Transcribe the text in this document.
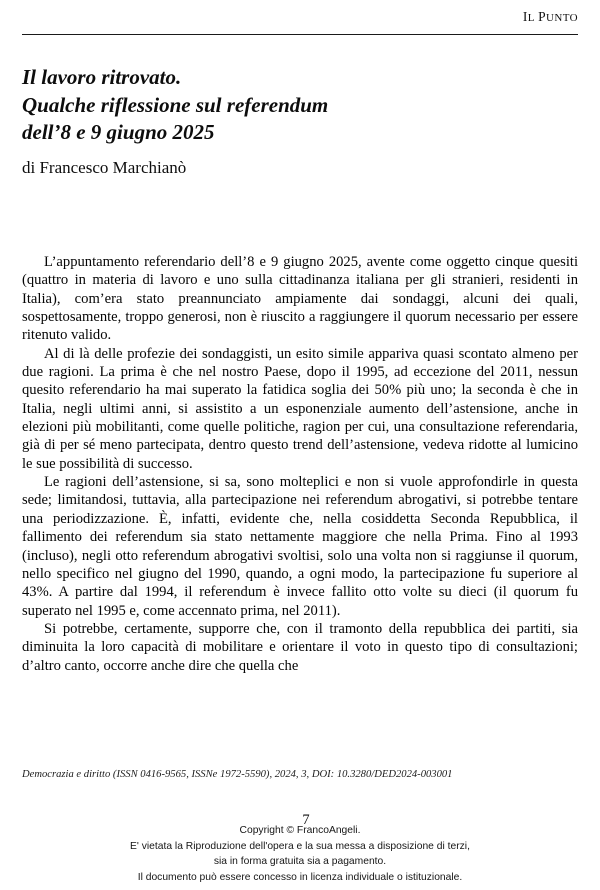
IL PUNTO
Il lavoro ritrovato.
Qualche riflessione sul referendum
dell’8 e 9 giugno 2025
di Francesco Marchianò

L’appuntamento referendario dell’8 e 9 giugno 2025, avente come oggetto cinque quesiti (quattro in materia di lavoro e uno sulla cittadinanza italiana per gli stranieri, residenti in Italia), com’era stato preannunciato ampiamente dai sondaggi, alcuni dei quali, sospettosamente, troppo generosi, non è riuscito a raggiungere il quorum necessario per essere ritenuto valido.

Al di là delle profezie dei sondaggisti, un esito simile appariva quasi scontato almeno per due ragioni. La prima è che nel nostro Paese, dopo il 1995, ad eccezione del 2011, nessun quesito referendario ha mai superato la fatidica soglia dei 50% più uno; la seconda è che in Italia, negli ultimi anni, si assistito a un esponenziale aumento dell’astensione, anche in elezioni più mobilitanti, come quelle politiche, ragion per cui, una consultazione referendaria, già di per sé meno partecipata, dentro questo trend dell’astensione, vedeva ridotte al lumicino le sue possibilità di successo.

Le ragioni dell’astensione, si sa, sono molteplici e non si vuole approfondirle in questa sede; limitandosi, tuttavia, alla partecipazione nei referendum abrogativi, si potrebbe tentare una periodizzazione. È, infatti, evidente che, nella cosiddetta Seconda Repubblica, il fallimento dei referendum sia stato nettamente maggiore che nella Prima. Fino al 1993 (incluso), negli otto referendum abrogativi svoltisi, solo una volta non si raggiunse il quorum, nello specifico nel giugno del 1990, quando, a ogni modo, la partecipazione fu superiore al 43%. A partire dal 1994, il referendum è invece fallito otto volte su dieci (il quorum fu superato nel 1995 e, come accennato prima, nel 2011).

Si potrebbe, certamente, supporre che, con il tramonto della repubblica dei partiti, sia diminuita la loro capacità di mobilitare e orientare il voto in questo tipo di consultazioni; d’altro canto, occorre anche dire che quella che

Democrazia e diritto (ISSN 0416-9565, ISSNe 1972-5590), 2024, 3, DOI: 10.3280/DED2024-003001
7
Copyright © FrancoAngeli.
E' vietata la Riproduzione dell'opera e la sua messa a disposizione di terzi,
sia in forma gratuita sia a pagamento.
Il documento può essere concesso in licenza individuale o istituzionale.
